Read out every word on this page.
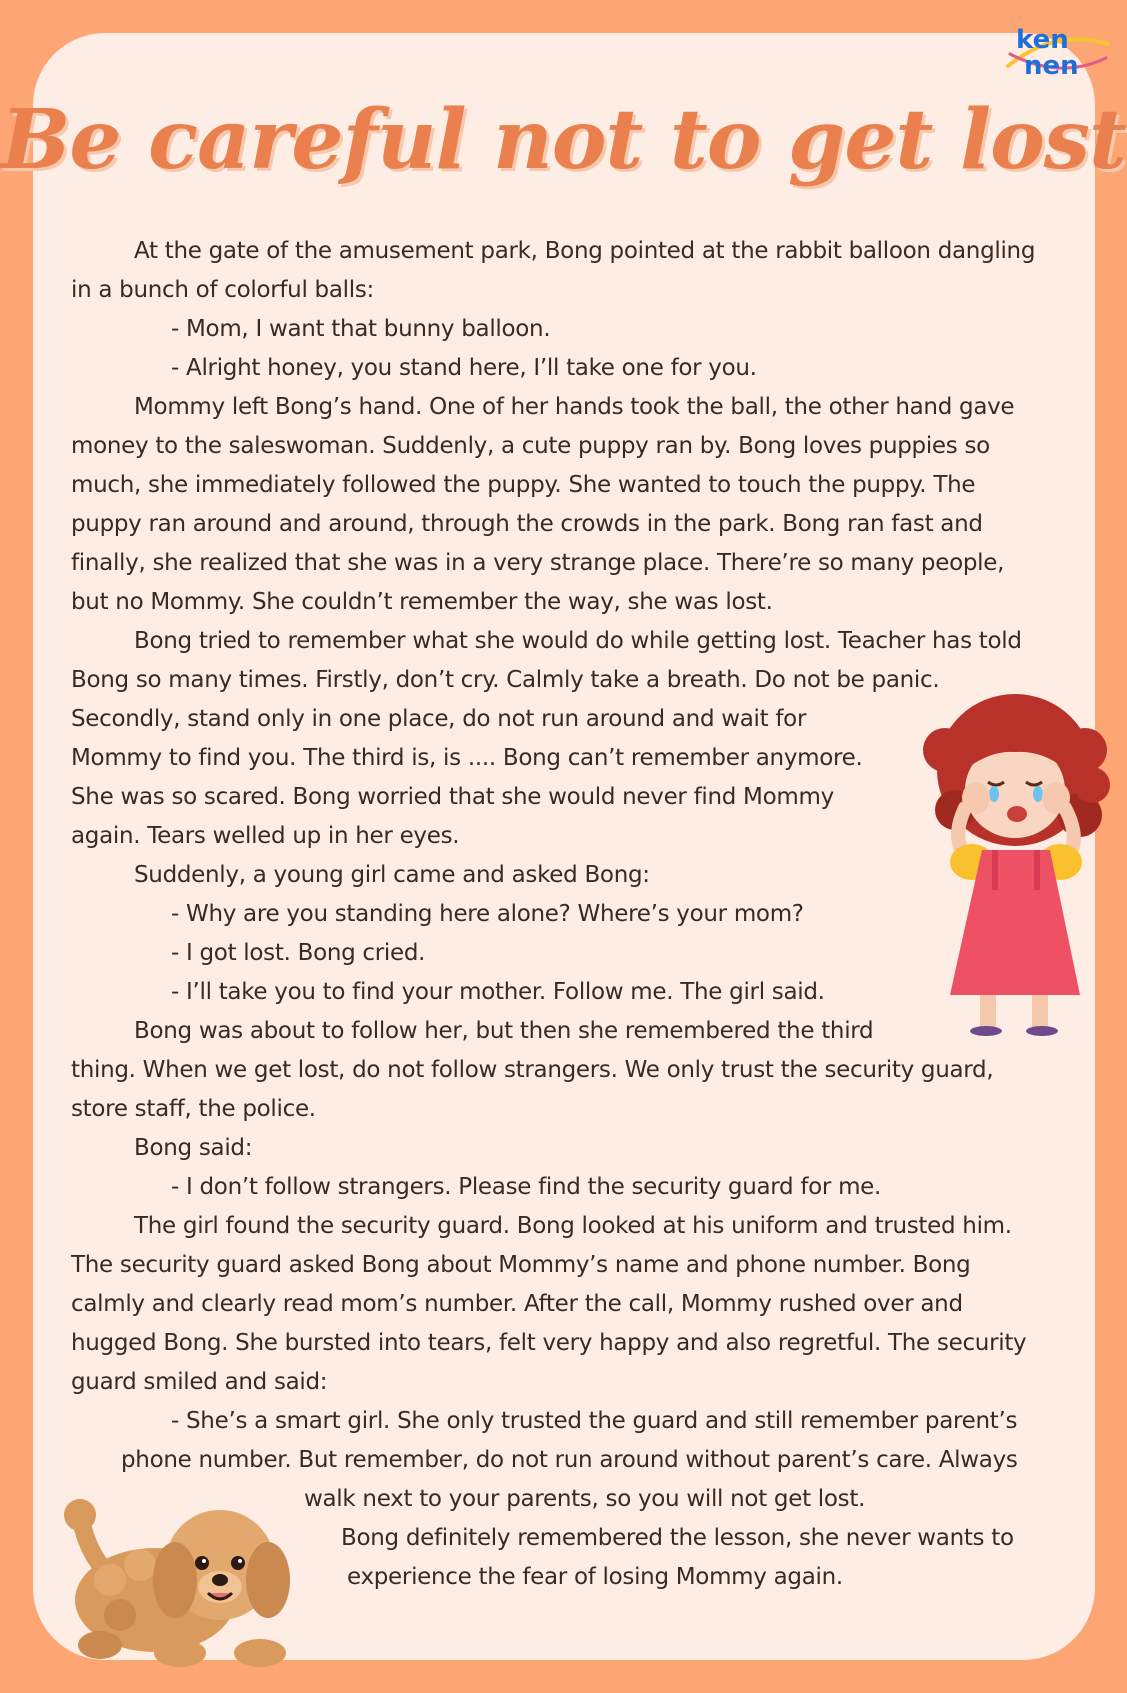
ken
nen
Be careful not to get lost
At the gate of the amusement park, Bong pointed at the rabbit balloon dangling
in a bunch of colorful balls:
- Mom, I want that bunny balloon.
- Alright honey, you stand here, I’ll take one for you.
Mommy left Bong’s hand. One of her hands took the ball, the other hand gave
money to the saleswoman. Suddenly, a cute puppy ran by. Bong loves puppies so
much, she immediately followed the puppy. She wanted to touch the puppy. The
puppy ran around and around, through the crowds in the park. Bong ran fast and
finally, she realized that she was in a very strange place. There’re so many people,
but no Mommy. She couldn’t remember the way, she was lost.
Bong tried to remember what she would do while getting lost. Teacher has told
Bong so many times. Firstly, don’t cry. Calmly take a breath. Do not be panic.
Secondly, stand only in one place, do not run around and wait for
Mommy to find you. The third is, is .... Bong can’t remember anymore.
She was so scared. Bong worried that she would never find Mommy
again. Tears welled up in her eyes.
Suddenly, a young girl came and asked Bong:
- Why are you standing here alone? Where’s your mom?
- I got lost. Bong cried.
- I’ll take you to find your mother. Follow me. The girl said.
Bong was about to follow her, but then she remembered the third
thing. When we get lost, do not follow strangers. We only trust the security guard,
store staff, the police.
Bong said:
- I don’t follow strangers. Please find the security guard for me.
The girl found the security guard. Bong looked at his uniform and trusted him.
The security guard asked Bong about Mommy’s name and phone number. Bong
calmly and clearly read mom’s number. After the call, Mommy rushed over and
hugged Bong. She bursted into tears, felt very happy and also regretful. The security
guard smiled and said:
- She’s a smart girl. She only trusted the guard and still remember parent’s
phone number. But remember, do not run around without parent’s care. Always
walk next to your parents, so you will not get lost.
Bong definitely remembered the lesson, she never wants to
experience the fear of losing Mommy again.
